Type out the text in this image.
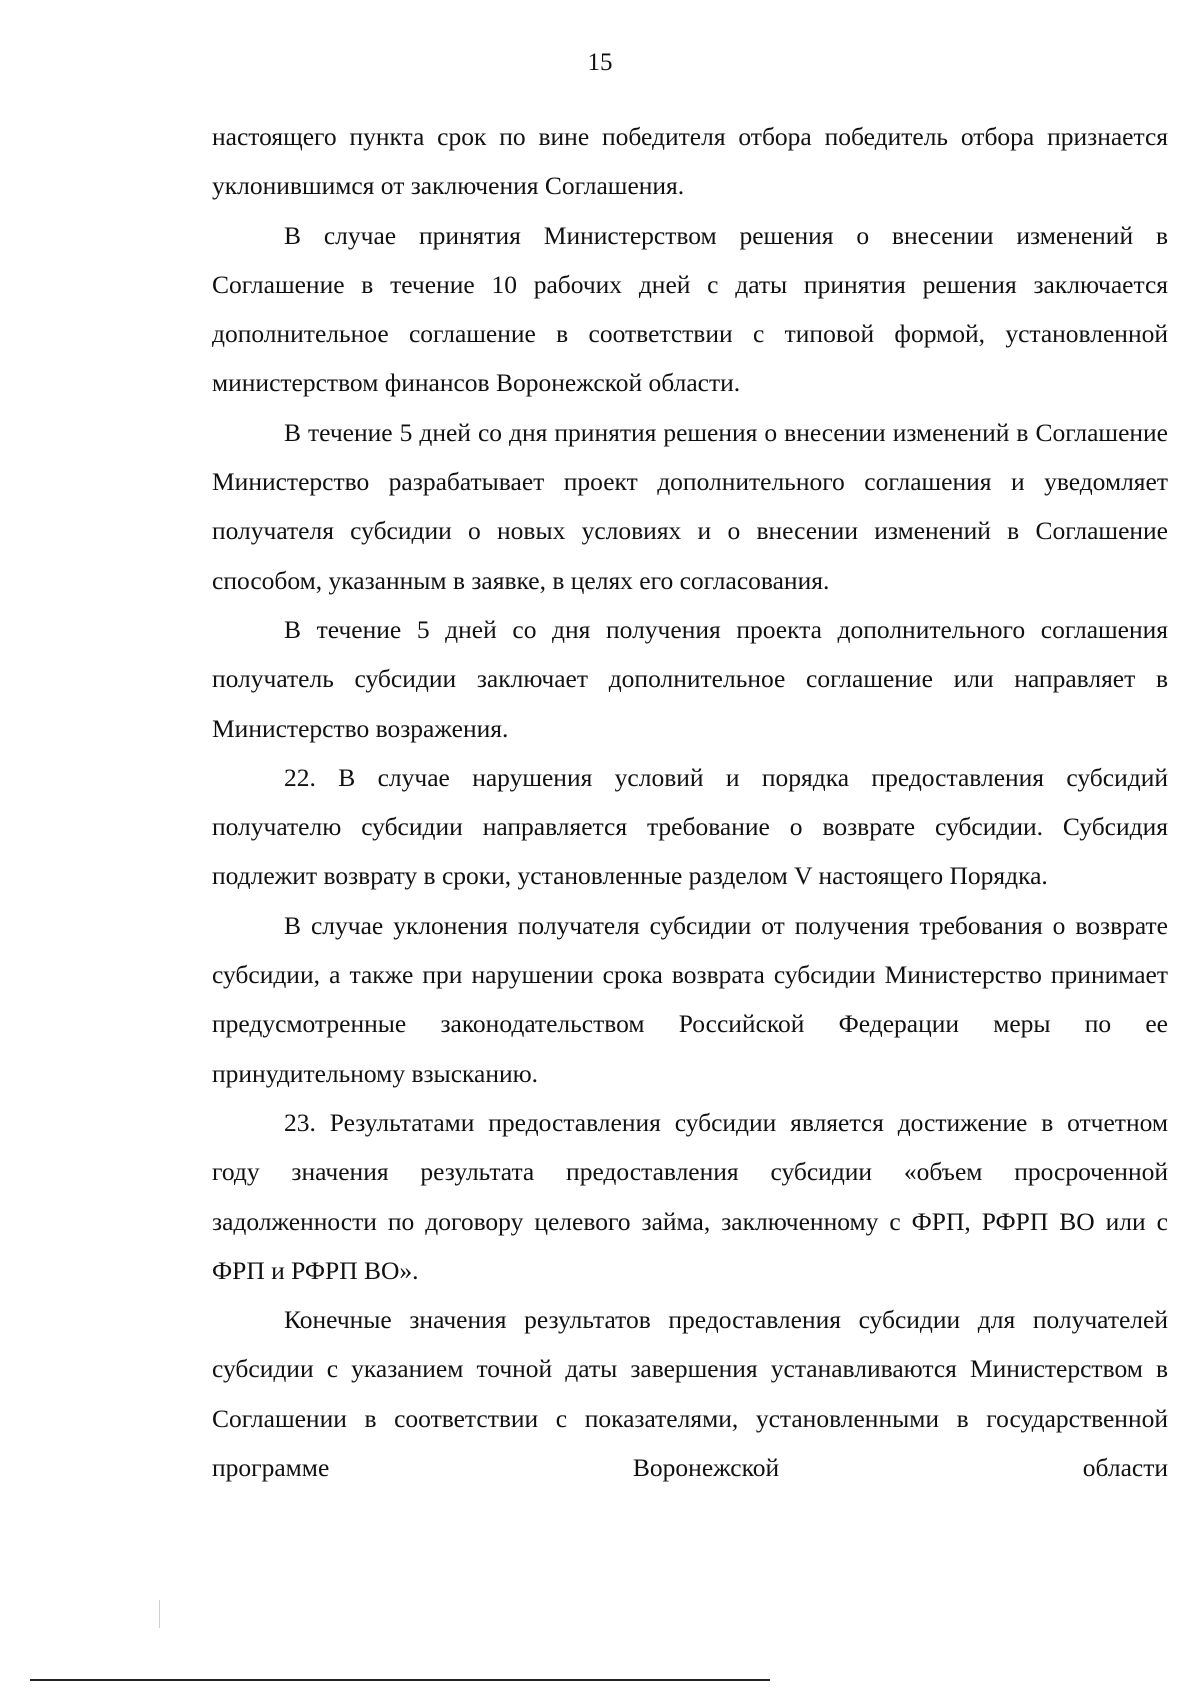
15

настоящего пункта срок по вине победителя отбора победитель отбора признается уклонившимся от заключения Соглашения.

В случае принятия Министерством решения о внесении изменений в Соглашение в течение 10 рабочих дней с даты принятия решения заключается дополнительное соглашение в соответствии с типовой формой, установленной министерством финансов Воронежской области.

В течение 5 дней со дня принятия решения о внесении изменений в Соглашение Министерство разрабатывает проект дополнительного соглашения и уведомляет получателя субсидии о новых условиях и о внесении изменений в Соглашение способом, указанным в заявке, в целях его согласования.

В течение 5 дней со дня получения проекта дополнительного соглашения получатель субсидии заключает дополнительное соглашение или направляет в Министерство возражения.

22. В случае нарушения условий и порядка предоставления субсидий получателю субсидии направляется требование о возврате субсидии. Субсидия подлежит возврату в сроки, установленные разделом V настоящего Порядка.

В случае уклонения получателя субсидии от получения требования о возврате субсидии, а также при нарушении срока возврата субсидии Министерство принимает предусмотренные законодательством Российской Федерации меры по ее принудительному взысканию.

23. Результатами предоставления субсидии является достижение в отчетном году значения результата предоставления субсидии «объем просроченной задолженности по договору целевого займа, заключенному с ФРП, РФРП ВО или с ФРП и РФРП ВО».

Конечные значения результатов предоставления субсидии для получателей субсидии с указанием точной даты завершения устанавливаются Министерством в Соглашении в соответствии с показателями, установленными в государственной программе Воронежской области
